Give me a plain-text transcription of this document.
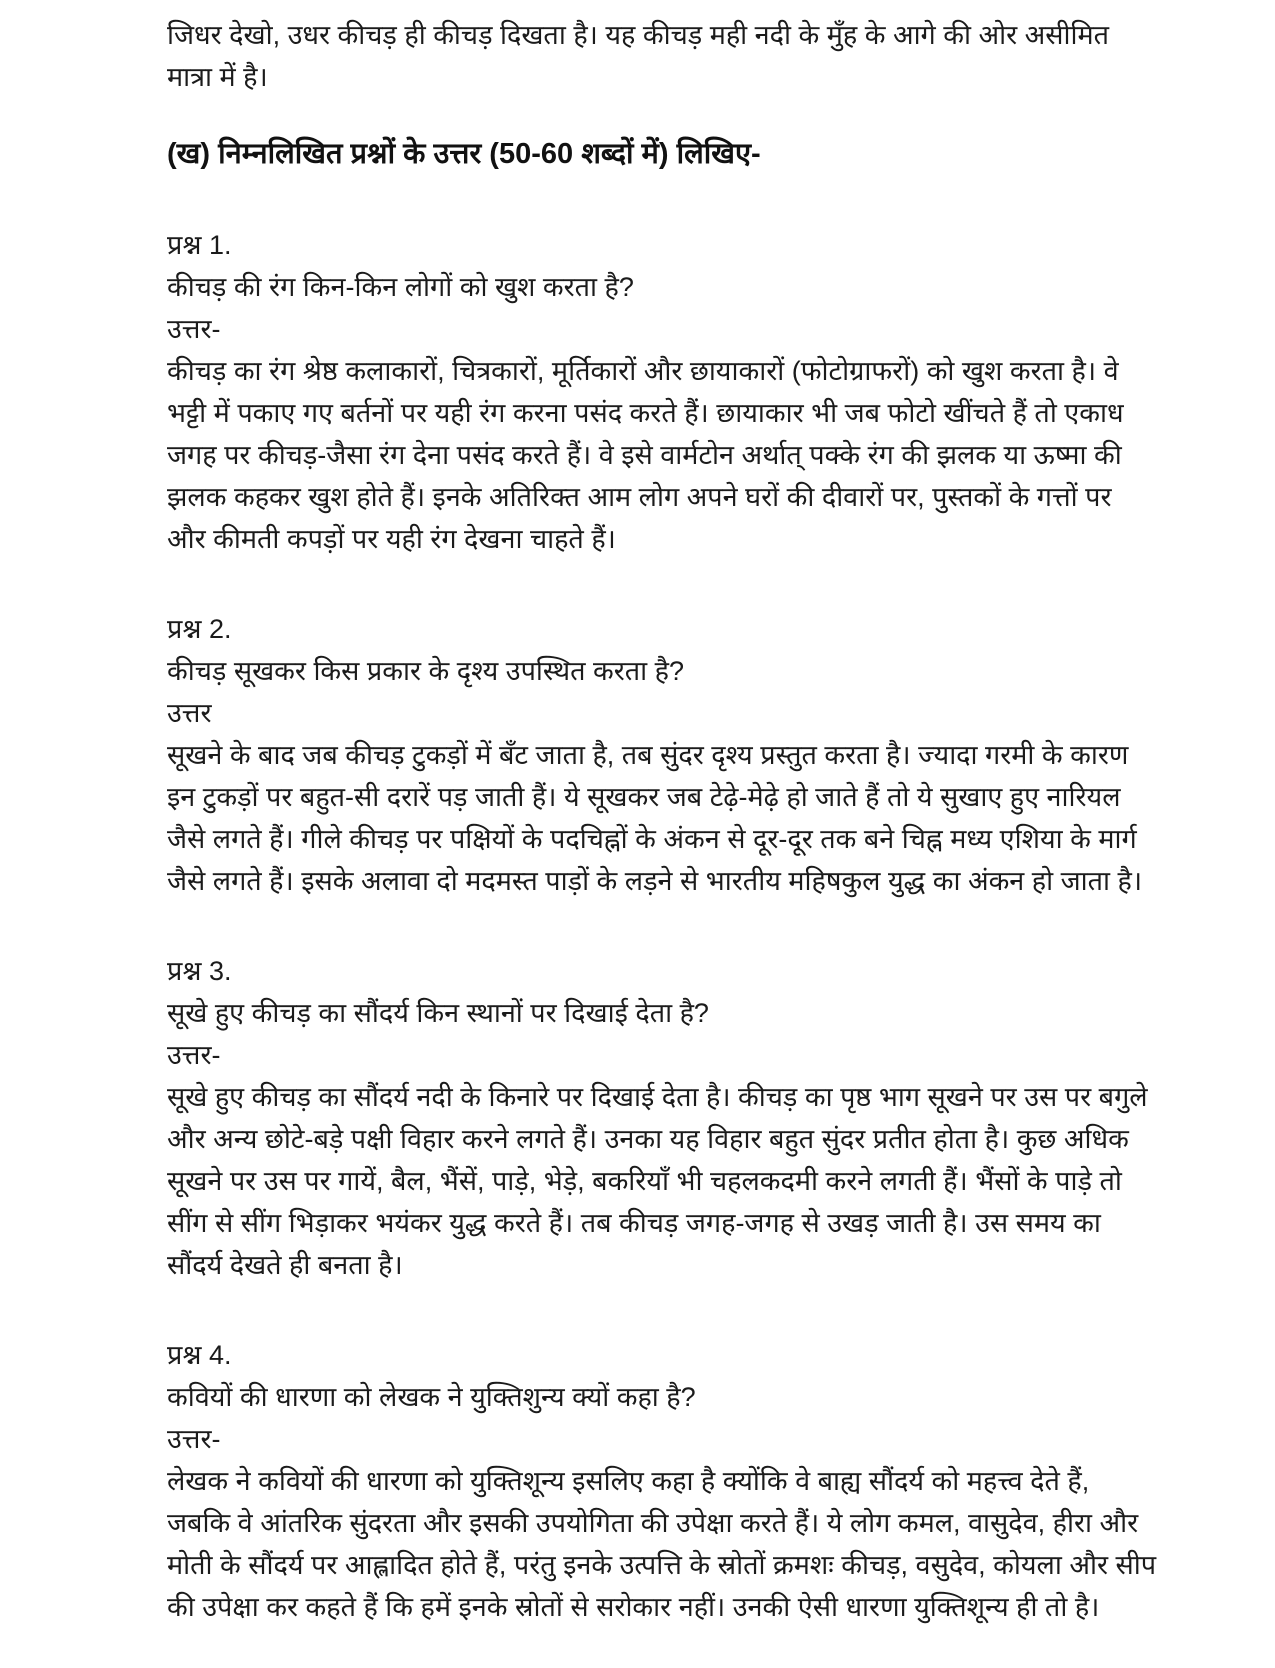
जिधर देखो, उधर कीचड़ ही कीचड़ दिखता है। यह कीचड़ मही नदी के मुँह के आगे की ओर असीमित मात्रा में है।

(ख) निम्नलिखित प्रश्नों के उत्तर (50-60 शब्दों में) लिखिए-

प्रश्न 1.

कीचड़ की रंग किन-किन लोगों को खुश करता है?

उत्तर-

कीचड़ का रंग श्रेष्ठ कलाकारों, चित्रकारों, मूर्तिकारों और छायाकारों (फोटोग्राफरों) को खुश करता है। वे भट्टी में पकाए गए बर्तनों पर यही रंग करना पसंद करते हैं। छायाकार भी जब फोटो खींचते हैं तो एकाध जगह पर कीचड़-जैसा रंग देना पसंद करते हैं। वे इसे वार्मटोन अर्थात् पक्के रंग की झलक या ऊष्मा की झलक कहकर खुश होते हैं। इनके अतिरिक्त आम लोग अपने घरों की दीवारों पर, पुस्तकों के गत्तों पर और कीमती कपड़ों पर यही रंग देखना चाहते हैं।

प्रश्न 2.

कीचड़ सूखकर किस प्रकार के दृश्य उपस्थित करता है?

उत्तर

सूखने के बाद जब कीचड़ टुकड़ों में बँट जाता है, तब सुंदर दृश्य प्रस्तुत करता है। ज्यादा गरमी के कारण इन टुकड़ों पर बहुत-सी दरारें पड़ जाती हैं। ये सूखकर जब टेढ़े-मेढ़े हो जाते हैं तो ये सुखाए हुए नारियल जैसे लगते हैं। गीले कीचड़ पर पक्षियों के पदचिह्नों के अंकन से दूर-दूर तक बने चिह्न मध्य एशिया के मार्ग जैसे लगते हैं। इसके अलावा दो मदमस्त पाड़ों के लड़ने से भारतीय महिषकुल युद्ध का अंकन हो जाता है।

प्रश्न 3.

सूखे हुए कीचड़ का सौंदर्य किन स्थानों पर दिखाई देता है?

उत्तर-

सूखे हुए कीचड़ का सौंदर्य नदी के किनारे पर दिखाई देता है। कीचड़ का पृष्ठ भाग सूखने पर उस पर बगुले और अन्य छोटे-बड़े पक्षी विहार करने लगते हैं। उनका यह विहार बहुत सुंदर प्रतीत होता है। कुछ अधिक सूखने पर उस पर गायें, बैल, भैंसें, पाड़े, भेड़े, बकरियाँ भी चहलकदमी करने लगती हैं। भैंसों के पाड़े तो सींग से सींग भिड़ाकर भयंकर युद्ध करते हैं। तब कीचड़ जगह-जगह से उखड़ जाती है। उस समय का सौंदर्य देखते ही बनता है।

प्रश्न 4.

कवियों की धारणा को लेखक ने युक्तिशुन्य क्यों कहा है?

उत्तर-

लेखक ने कवियों की धारणा को युक्तिशून्य इसलिए कहा है क्योंकि वे बाह्य सौंदर्य को महत्त्व देते हैं, जबकि वे आंतरिक सुंदरता और इसकी उपयोगिता की उपेक्षा करते हैं। ये लोग कमल, वासुदेव, हीरा और मोती के सौंदर्य पर आह्लादित होते हैं, परंतु इनके उत्पत्ति के स्रोतों क्रमशः कीचड़, वसुदेव, कोयला और सीप की उपेक्षा कर कहते हैं कि हमें इनके स्रोतों से सरोकार नहीं। उनकी ऐसी धारणा युक्तिशून्य ही तो है।
